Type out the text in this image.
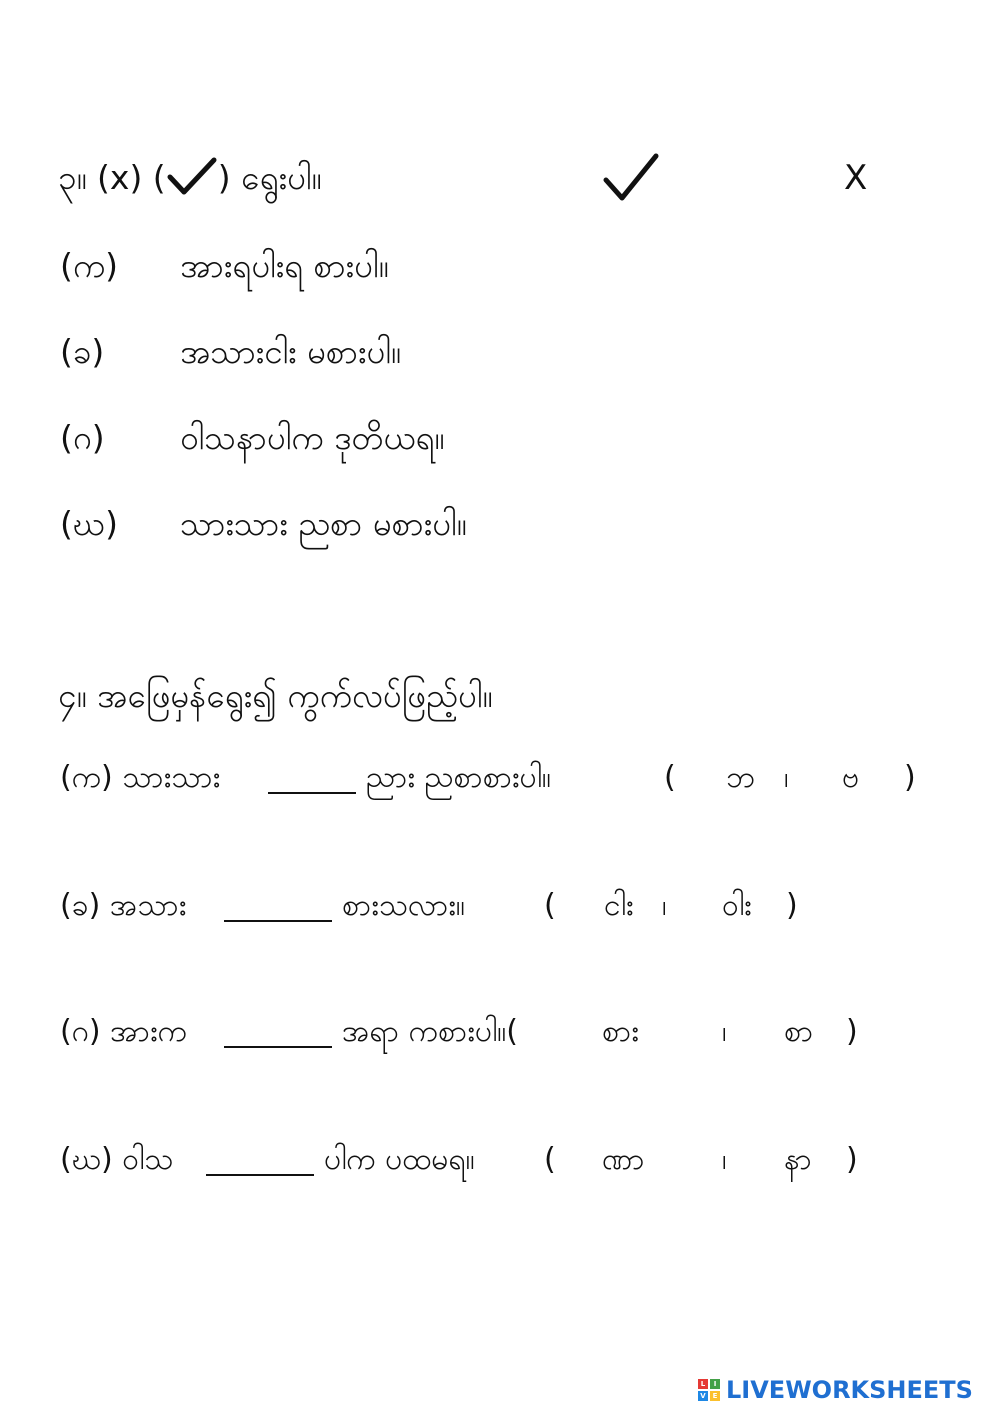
၃။ (x) ( ) ရွေးပါ။	X
(က) အားရပါးရ စားပါ။
(ခ) အသားငါး မစားပါ။
(ဂ) ဝါသနာပါက ဒုတိယရ။
(ဃ) သားသား ညစာ မစားပါ။
၄။ အဖြေမှန်ရွေး၍ ကွက်လပ်ဖြည့်ပါ။
(က) သားသား	ညား ညစာစားပါ။	( ဘ ၊ ဗ )
(ခ) အသား	စားသလား။	( ငါး ၊ ဝါး )
(ဂ) အားက	အရာ ကစားပါ။(	စား	၊ စာ )
(ဃ) ဝါသ	ပါက ပထမရ။ ( ဏာ	၊ နာ )
L	I
V E LIVEWORKSHEETS
